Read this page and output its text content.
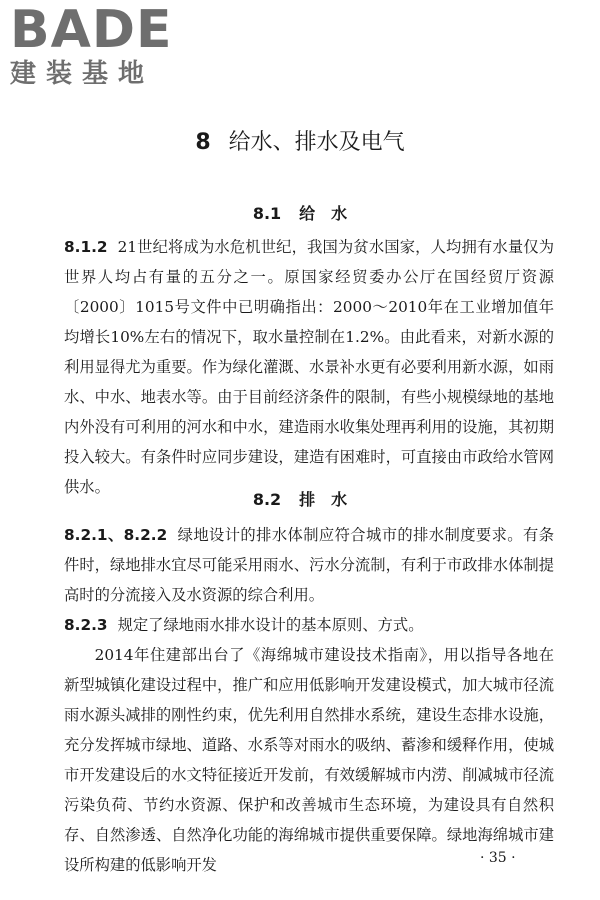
BADE
建装基地
8 给水、排水及电气
8.1 给　水

8.1.2 21世纪将成为水危机世纪，我国为贫水国家，人均拥有水量仅为世界人均占有量的五分之一。原国家经贸委办公厅在国经贸厅资源〔2000〕1015号文件中已明确指出：2000～2010年在工业增加值年均增长10%左右的情况下，取水量控制在1.2%。由此看来，对新水源的利用显得尤为重要。作为绿化灌溉、水景补水更有必要利用新水源，如雨水、中水、地表水等。由于目前经济条件的限制，有些小规模绿地的基地内外没有可利用的河水和中水，建造雨水收集处理再利用的设施，其初期投入较大。有条件时应同步建设，建造有困难时，可直接由市政给水管网供水。

8.2 排　水

8.2.1、8.2.2 绿地设计的排水体制应符合城市的排水制度要求。有条件时，绿地排水宜尽可能采用雨水、污水分流制，有利于市政排水体制提高时的分流接入及水资源的综合利用。

8.2.3 规定了绿地雨水排水设计的基本原则、方式。

2014年住建部出台了《海绵城市建设技术指南》，用以指导各地在新型城镇化建设过程中，推广和应用低影响开发建设模式，加大城市径流雨水源头减排的刚性约束，优先利用自然排水系统，建设生态排水设施，充分发挥城市绿地、道路、水系等对雨水的吸纳、蓄渗和缓释作用，使城市开发建设后的水文特征接近开发前，有效缓解城市内涝、削减城市径流污染负荷、节约水资源、保护和改善城市生态环境，为建设具有自然积存、自然渗透、自然净化功能的海绵城市提供重要保障。绿地海绵城市建设所构建的低影响开发	· 35 ·
